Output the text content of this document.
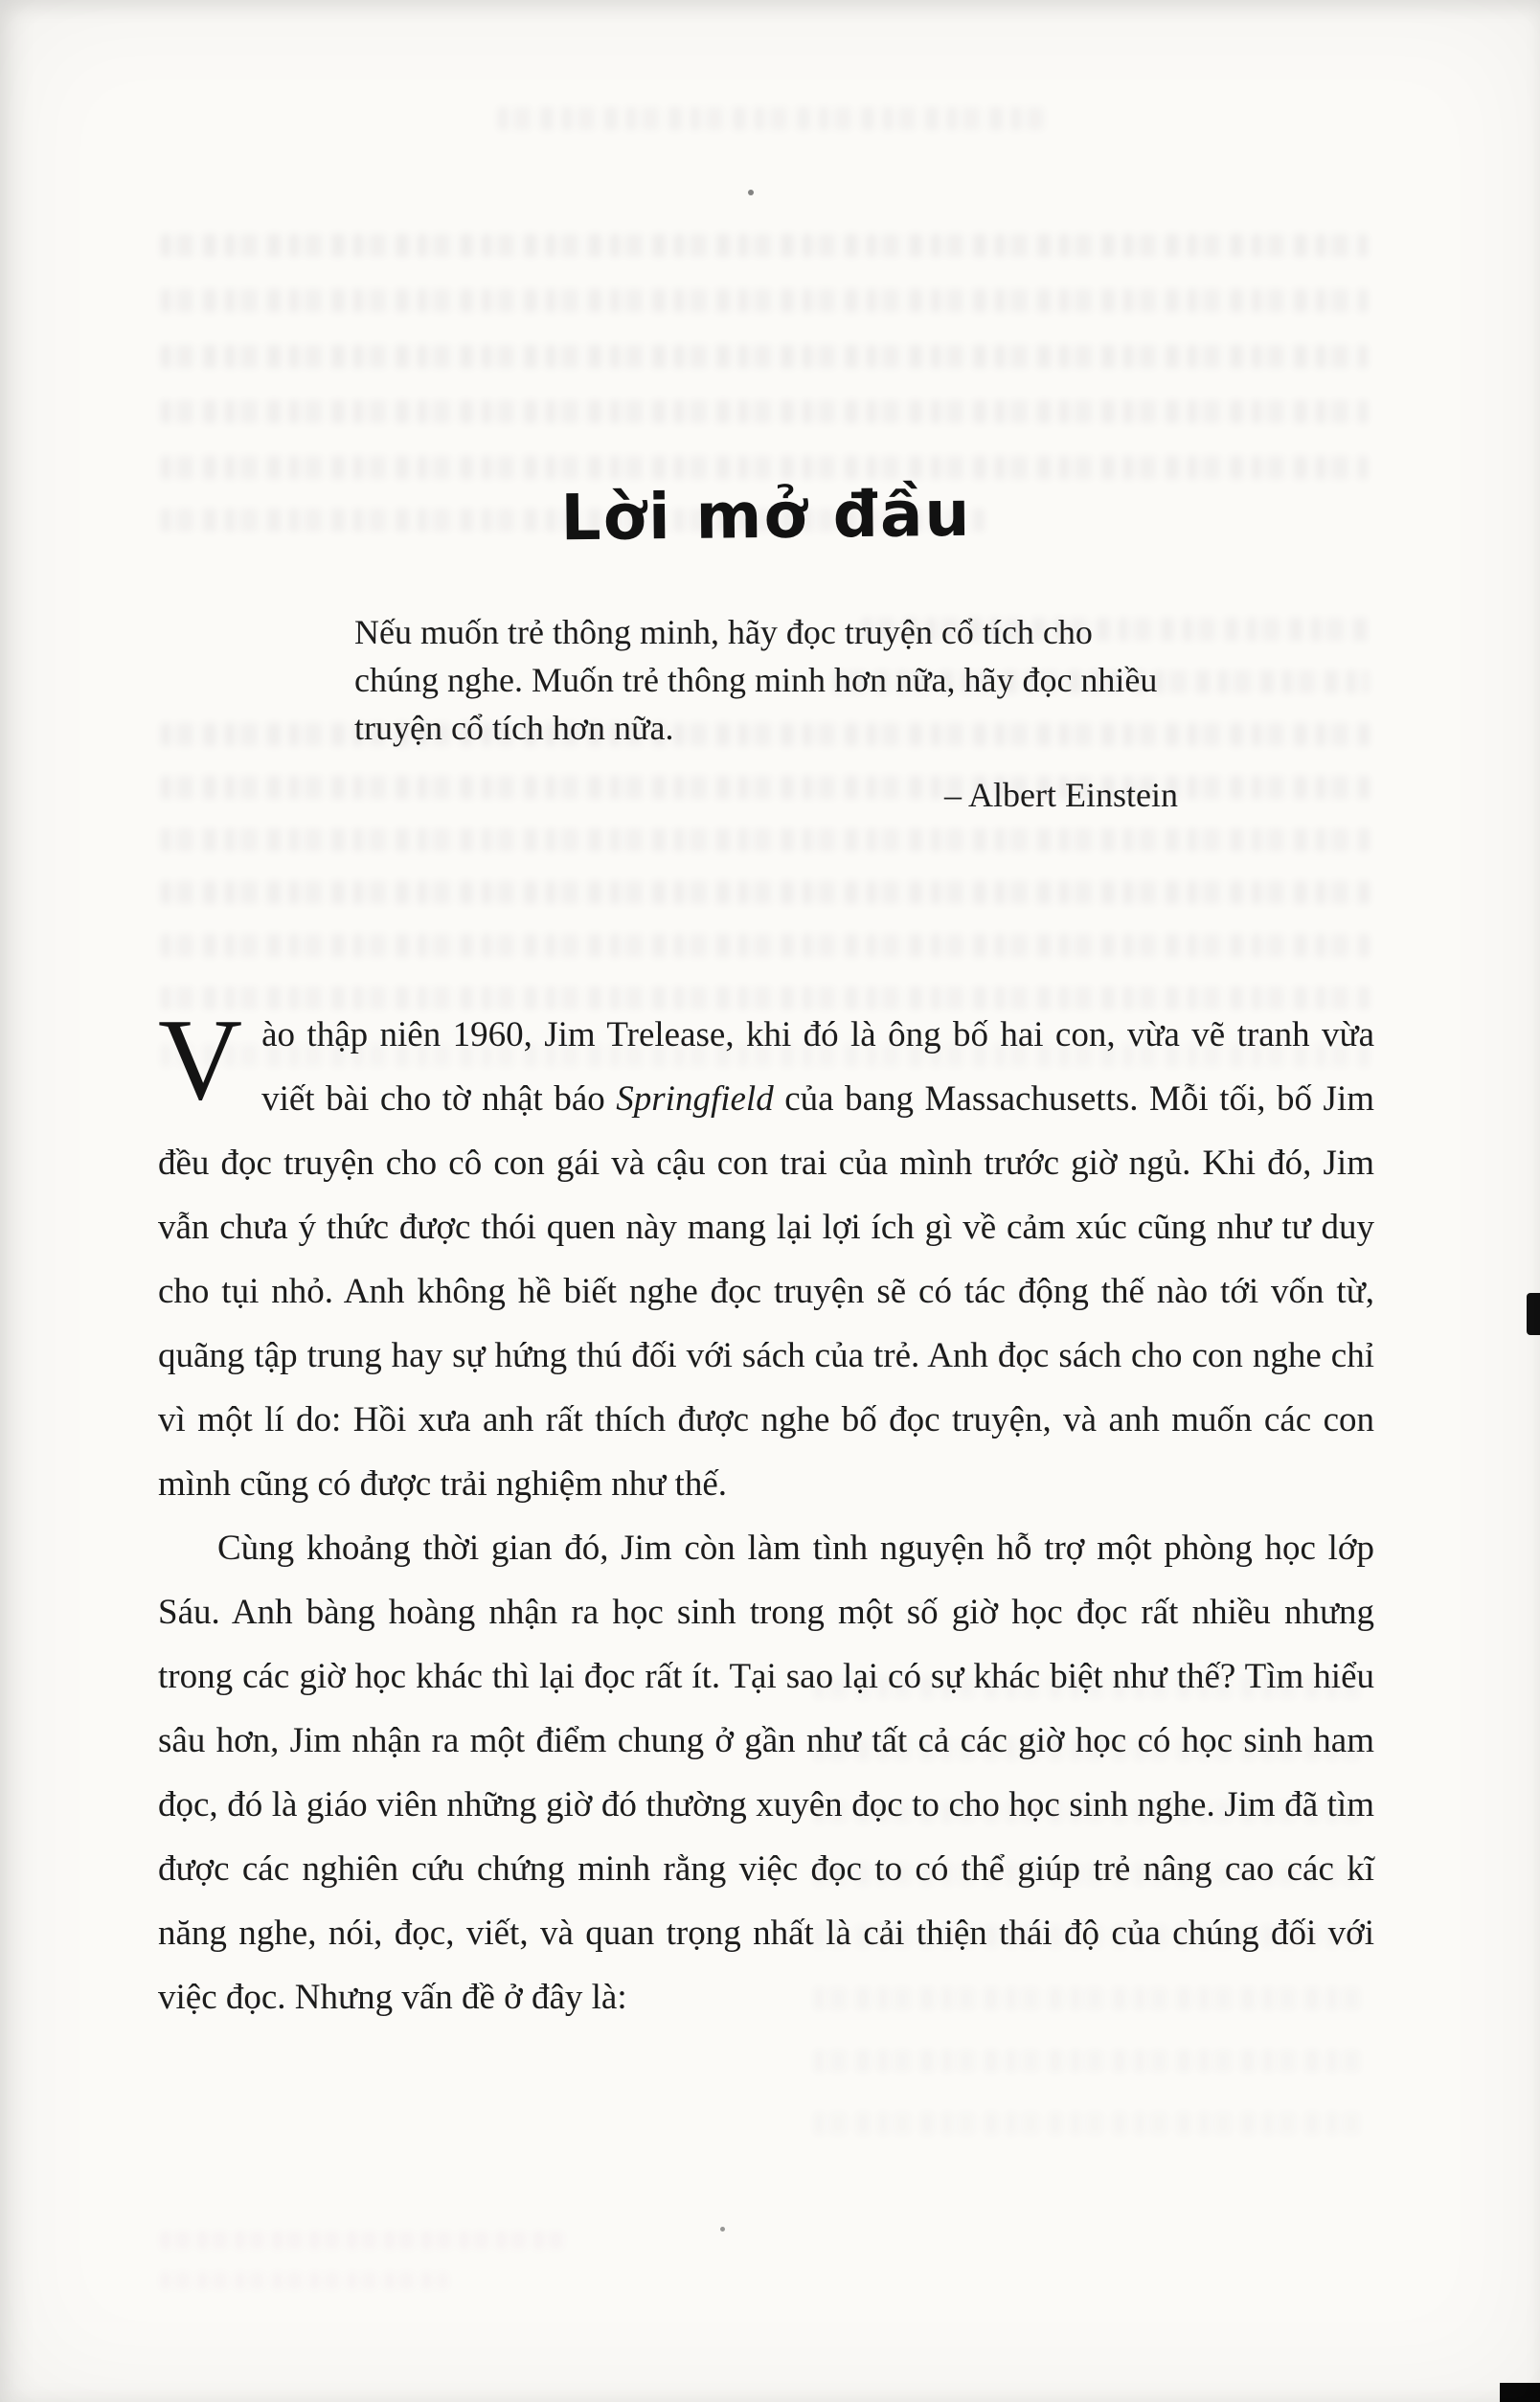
Lời mở đầu
Nếu muốn trẻ thông minh, hãy đọc truyện cổ tích cho chúng nghe. Muốn trẻ thông minh hơn nữa, hãy đọc nhiều truyện cổ tích hơn nữa.
– Albert Einstein

Vào thập niên 1960, Jim Trelease, khi đó là ông bố hai con, vừa vẽ tranh vừa viết bài cho tờ nhật báo Springfield của bang Massachusetts. Mỗi tối, bố Jim đều đọc truyện cho cô con gái và cậu con trai của mình trước giờ ngủ. Khi đó, Jim vẫn chưa ý thức được thói quen này mang lại lợi ích gì về cảm xúc cũng như tư duy cho tụi nhỏ. Anh không hề biết nghe đọc truyện sẽ có tác động thế nào tới vốn từ, quãng tập trung hay sự hứng thú đối với sách của trẻ. Anh đọc sách cho con nghe chỉ vì một lí do: Hồi xưa anh rất thích được nghe bố đọc truyện, và anh muốn các con mình cũng có được trải nghiệm như thế.

Cùng khoảng thời gian đó, Jim còn làm tình nguyện hỗ trợ một phòng học lớp Sáu. Anh bàng hoàng nhận ra học sinh trong một số giờ học đọc rất nhiều nhưng trong các giờ học khác thì lại đọc rất ít. Tại sao lại có sự khác biệt như thế? Tìm hiểu sâu hơn, Jim nhận ra một điểm chung ở gần như tất cả các giờ học có học sinh ham đọc, đó là giáo viên những giờ đó thường xuyên đọc to cho học sinh nghe. Jim đã tìm được các nghiên cứu chứng minh rằng việc đọc to có thể giúp trẻ nâng cao các kĩ năng nghe, nói, đọc, viết, và quan trọng nhất là cải thiện thái độ của chúng đối với việc đọc. Nhưng vấn đề ở đây là:
